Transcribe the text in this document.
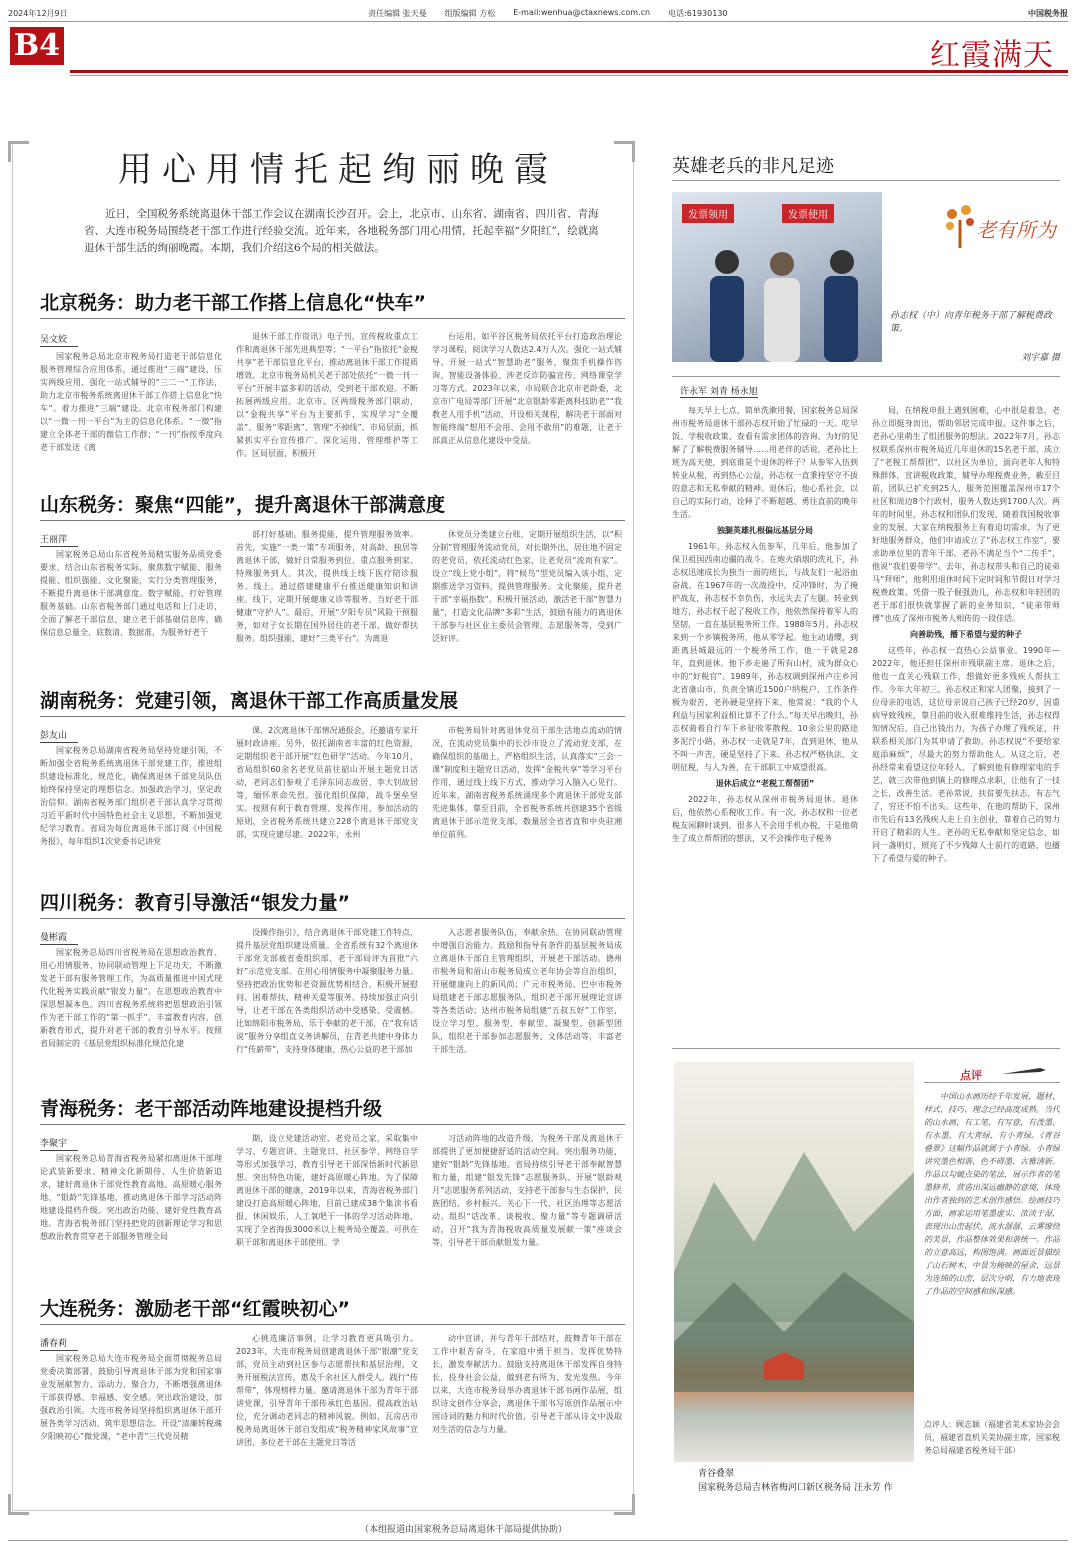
2024年12月9日	责任编辑 张天曼 组版编辑 方松 E-mail:wenhua@ctaxnews.com.cn 电话:61930130	中国税务报
B4	红霞满天
用心用情托起绚丽晚霞
近日，全国税务系统离退休干部工作会议在湖南长沙召开。会上，北京市、山东省、湖南省、四川省、青海省、大连市税务局围绕老干部工作进行经验交流。近年来，各地税务部门用心用情，托起幸福“夕阳红”，绘就离退休干部生活的绚丽晚霞。本期，我们介绍这6个局的相关做法。
北京税务：助力老干部工作搭上信息化“快车”
吴文姣

国家税务总局北京市税务局打造老干部信息化服务管理综合应用体系，通过推进“三端”建设、压实两级应用、强化一站式辅导的“三二一”工作法，助力北京市税务系统离退休干部工作搭上信息化“快车”。着力推进“三端”建设。北京市税务部门构建以“一微一刊一平台”为主的信息化体系。“一微”指建立全体老干部的微信工作群；“一刊”指按季度向老干部发送《离

退休干部工作资讯》电子刊，宣传税收重点工作和离退休干部先进典型等；“一平台”指依托“金税共享”老干部信息化平台，推动离退休干部工作提质增效。北京市税务局机关老干部处依托“一微一刊一平台”开展丰富多彩的活动，受到老干部欢迎。不断拓展两级应用。北京市、区两级税务部门联动，以“金税共享”平台为主要抓手，实现学习“全覆盖”、服务“零距离”、管理“不掉线”。市局层面，抓紧抓实平台宣传推广、深化运用、管理维护等工作。区局层面，积极开

台运用，如平谷区税务局依托平台打造政治理论学习课程，阅读学习人数达2.4万人次。强化一站式辅导。开展一站式“智慧助老”服务，聚焦手机操作咨询、智能设备体验、涉老反诈防骗宣传、网络课堂学习等方式。2023年以来，市局联合北京市老龄委，北京市广电局等部门开展“北京银龄零距离科技助老”“我教老人用手机”活动，开设相关课程，解决老干部面对智能终端“想用不会用、会用不敢用”的难题，让老干部真正从信息化建设中受益。

山东税务：聚焦“四能”，提升离退休干部满意度
王丽萍

国家税务总局山东省税务局精实服务品质党委要求，结合山东省税务实际，聚焦数字赋能、服务提能、组织强能、文化聚能，实行分类管理服务，不断提升离退休干部满意度。数字赋能，打好管理服务基础。山东省税务部门通过电话和上门走访，全面了解老干部信息，建立老干部基础信息库，确保信息总量全、底数清、数据准，为服务好老干

部打好基础。服务提能，提升管理服务效率。首先，实施“一类一策”专项服务，对高龄、独居等离退休干部，做好日常服务到位、重点服务到家、特殊服务到人。其次，提供线上线下医疗陪诊服务。线上，通过搭建健康平台推送健康知识和讲座。线下，定期开展健康义诊等服务，当好老干部健康“守护人”。最后，开展“夕阳专员”风险干预服务，如对子女长期在国外居住的老干部，做好帮扶服务。组织强能，建好“三类平台”。为离退

休党员分类建立台账，定期开展组织生活，以“积分制”管理服务流动党员，对长期外出、居住地不固定的老党员，依托流动红色家，让老党员“流而有家”。设立“线上党小组”，将“候鸟”型党员编入该小组，定期推送学习资料，提供管理服务。文化聚能，提升老干部“幸福指数”。积极开展活动，激活老干部“智慧力量”，打造文化品牌“多彩”生活，鼓励有能力的离退休干部参与社区业主委员会管理、志愿服务等，受到广泛好评。

湖南税务：党建引领，离退休干部工作高质量发展
彭友山

国家税务总局湖南省税务局坚持党建引领，不断加强全省税务系统离退休干部党建工作，推进组织建设标准化、规范化，确保离退休干部党员队伍始终保持坚定的理想信念。加强政治学习，坚定政治信仰。湖南省税务部门组织老干部认真学习贯彻习近平新时代中国特色社会主义思想，不断加强党纪学习教育。省局为每位离退休干部订阅《中国税务报》，每年组织1次党委书记讲党

课、2次离退休干部情况通报会，还邀请专家开展时政讲座。另外，依托湖南省丰富的红色资源，定期组织老干部开展“红色研学”活动。今年10月，省局组织60余名老党员前往韶山开展主题党日活动，老同志们参观了毛泽东同志故居、李大钊故居等，缅怀革命先烈。强化组织保障，战斗堡垒坚实。按照有利于教育管理、发挥作用、参加活动的原则，全省税务系统共建立228个离退休干部党支部，实现应建尽建。2022年，永州

市税务局针对离退休党员干部生活地点流动的情况，在流动党员集中的长沙市设立了流动党支部，在确保组织的基础上，严格组织生活，认真落实“三会一课”制度和主题党日活动，发挥“金税共享”等学习平台作用，通过线上线下方式，推动学习入脑入心见行。近年来，湖南省税务系统涌现多个离退休干部党支部先进集体，靠至目前，全省税务系统共创建35个省级离退休干部示范党支部，数量居全省省直和中央驻湘单位前列。

四川税务：教育引导激活“银发力量”
曼彬霞

国家税务总局四川省税务局在思想政治教育、用心用情服务、协同联动管理上下足功夫，不断激发老干部有服务管理工作，为高质量推进中国式现代化税务实践贡献“银发力量”。在思想政治教育中深思想凝本色。四川省税务系统将把思想政治引领作为老干部工作的“第一抓手”，丰富教育内容，创新教育形式，提升对老干部的教育引导水平。按照省局制定的《基层党组织标准化规范化建

设操作指引》，结合离退休干部党建工作特点，提升基层党组织建设质量。全省系统有32个离退休干部党支部被省委组织部、老干部局评为首批“六好”示范党支部。在用心用情服务中凝聚服务力量。坚持把政治优势和老资源优势相结合，积极开展慰问、困难帮扶、精神关爱等服务。持续加强正向引导，让老干部在各类组织活动中受感染、受震撼。比如绵阳市税务局、乐于奉献的老干部，在“我有话说”服务分享组直义务讲解员，在青老共建中身体力行“传薪带”，支持身体健康、热心公益的老干部加

入志愿者服务队伍，奉献余热。在协同联动管理中增强自治能力。鼓励和指导有条件的基层税务局成立离退休干部自主管理组织，开展老干部活动。德州市税务局和眉山市税务局成立老年协会等自治组织，开展健康向上的新风尚；广元市税务局、巴中市税务局组建老干部志愿服务队，组织老干部开展理论宣讲等各类活动；达州市税务局组建“五叔五好”工作室，设立学习型、服务型、奉献型、凝聚型、创新型团队，组织老干部参加志愿服务、文体活动等，丰富老干部生活。

青海税务：老干部活动阵地建设提档升级
李聚宇

国家税务总局青海省税务局紧扣离退休干部理论武装新要求、精神文化新期待、人生价值新追求，建好离退休干部党性教育高地、高原暖心服务地、“银龄”先锋基地，推动离退休干部学习活动阵地建设提档升级。突出政治功能，建好党性教育高地。青海省税务部门坚持把党的创新理论学习和思想政治教育贯穿老干部服务管理全局

期，设立党建活动室、老党员之家，采取集中学习、专题宣讲、主题党日、社区参学、网络自学等形式加强学习，教育引导老干部深悟新时代新思想。突出特色功能，建好高原暖心阵地。为了保障离退休干部的健康，2019年以来，青海省税务部门建设打造高原暖心阵地，目前已建成38个集读书看报、休闲娱乐、人工氧吧于一体的学习活动阵地，实现了全省海拔3000米以上税务局全覆盖，可供在职干部和离退休干部使用。学

习活动阵地的改造升级，为税务干部及离退休干部提供了更加便捷舒适的活动空间。突出服务功能，建好“银龄”先锋基地。省局持续引导老干部奉献智慧和力量，组建“银发先锋”志愿服务队、开展“银龄观月”志愿服务系列活动，支持老干部参与生态保护、民族团结、乡村振兴、关心下一代、社区治理等志愿活动。组织“话改革、谈税收、聚力量”等专题调研活动，召开“我为青海税收高质量发展献一策”座谈会等，引导老干部贡献银发力量。

大连税务：激励老干部“红霞映初心”
潘春莉

国家税务总局大连市税务局全面贯彻税务总局党委决策部署，鼓励引导离退休干部为党和国家事业发展献智力、添动力、聚合力，不断增强离退休干部获得感、幸福感、安全感。突出政治建设，加强政治引领。大连市税务局坚持组织离退休干部开展各类学习活动，筑牢思想信念。开设“清廉转税魂 夕阳映初心”微党课，“老中青”三代党员精

心挑选廉洁事例，让学习教育更具吸引力。2023年，大连市税务局创建离退休干部“银潮”党支部，党员主动到社区参与志愿帮扶和基层治理，义务开展税法宣传，惠及千余社区人群受人。践行“传帮带”，体现榜样力量。邀请离退休干部为青年干部讲党课，引导青年干部传承红色基因。提高政治站位，充分调动老同志的精神风貌。例如，瓦房店市税务局离退休干部自发组成“税务精神家风故事”宣讲团，多位老干部在主题党日等活

动中宣讲，并与青年干部结对，鼓舞青年干部在工作中艰苦奋斗，在家庭中勇于担当。发挥优势特长，激发奉献活力。鼓励支持离退休干部发挥自身特长，投身社会公益，做到老有所为、发光发热。今年以来，大连市税务局举办离退休干部书画作品展，组织诗文创作分享会，离退休干部书写原创作品展示中国诗词的魅力和时代价值，引导老干部从诗文中汲取对生活的信念与力量。

（本组报道由国家税务总局离退休干部局提供协助）
英雄老兵的非凡足迹
发票领用	发票使用
老有所为
孙志权（中）向青年税务干部了解税费政策。
刘宇嘉 摄
许永军 刘青 杨永旭

每天早上七点，简单洗漱用餐，国家税务总局深州市税务局退休干部孙志权开始了忙碌的一天。吃早饭、学税收政策、查看有需求团体的咨询、为好的见解了了解税费服务辅导……用老伴的话说，老孙比上班为高天使，到底谁是个退休的样子？从参军入伍到转业从税，再到热心公益，孙志权一直秉持坚守不拔的意志和无私奉献的精神。退休后，他心系社会，以自己的实际行动，诠释了不断超越、勇往直前的晚年生活。

独腿英雄扎根偏远基层分局

1961年，孙志权入伍参军，几年后，他参加了保卫祖国西南边疆的战斗。在炮火硝烟的洗礼下，孙志权迅速成长为独当一面的班长，与战友们一起浴血奋战。在1967年的一次战役中，反冲锋时，为了掩护战友，孙志权不幸负伤，永远失去了左腿。转业到地方，孙志权干起了税收工作，他依然保持着军人的坚韧，一直在基层税务所工作。1988年5月，孙志权来到一个乡镇税务所，他从零学起。他主动请缨，到距离县城最远的一个税务所工作，他一干就是28年，直到退休。他下乡走遍了所有山村，成为群众心中的“好税官”。1989年，孙志权调到深州卢庄乡河北省康山市，负责全镇近1500户纳税户，工作条件极为艰苦，老孙硬是坚持下来，他常说：“我的个人利益与国家利益相比算不了什么。”每天早出晚归，孙志权骑着自行车下乡征收零散税。10余公里的路途多泥泞小路，孙志权一走就是7年，直到退休，他从不叫一声苦，硬是坚持了下来。孙志权严格执法、文明征税，与人为善，在干部职工中威望很高。

退休后成立“老税工帮帮团”

2022年，孙志权从深州市税务局退休。退休后，他依然心系税收工作。有一次，孙志权和一位老税友闲聊时谈到，很多人不会用手机办税，于是他萌生了成立帮帮团的想法，又不会操作电子税务

局，在纳税申报上遇到困难，心中很是着急，老孙立即挺身而出，帮助邻居完成申报。这件事之后，老孙心里萌生了组团服务的想法。2022年7月，孙志权联系深州市税务局近几年退休的15名老干部，成立了“老税工帮帮团”，以社区为单位，面向老年人和特殊群体，宣讲税收政策，辅导办理税费业务，截至目前，团队已扩充到25人，服务范围覆盖深州市17个社区和周边8个行政村，服务人数达到1700人次。两年的时间里，孙志权和团队们发现，随着我国税收事业的发展，大家在纳税服务上有着迫切需求，为了更好地服务群众，他们申请成立了“孙志权工作室”，要求助单位里的青年干部。老孙不满足当个“二传手”，他说“我们要带学”。去年，孙志权带头和自己的徒弟马“拜师”，他利用退休时间下定时间和节假日对学习税费政策。凭借一股子倔强劲儿，孙志权和年轻团的老干部们很快就掌握了新的业务知识，“徒弟带师傅”也成了深州市税务人相传的一段佳话。

向善助残，播下希望与爱的种子

这些年，孙志权一直热心公益事业。1990年—2022年，他还担任深州市残联副主席。退休之后，他也一直关心残联工作，想做好更多残疾人帮扶工作。今年大年初三，孙志权正和家人团聚，接到了一位母亲的电话，这位母亲说自己孩子已经20岁，因重病导致残疾，靠目前的收入很难维持生活，孙志权得知情况后，自己出钱出力，为孩子办理了残疾证，并联系相关部门为其申请了救助。孙志权说“不要给家庭添麻烦”，尽最大的努力帮助他人。从这之后，老孙经常来看望这位年轻人，了解到他有修理家电的手艺，就三次带他到镇上的修理点求职，让他有了一技之长，改善生活。老孙常说，扶贫要先扶志，有志气了，穷还不怕不出头。这些年，在他的帮助下，深州市先后有13名残疾人走上自主创业，靠着自己的努力开启了精彩的人生。老孙的无私奉献和坚定信念，如同一盏明灯，照亮了不少残障人士前行的道路，也播下了希望与爱的种子。

青谷叠翠
国家税务总局吉林省梅河口新区税务局 汪永芳 作
点评

中国山水画历经千年发展，题材、样式、技巧、理念已经高度成熟。当代的山水画，有工笔、有写意，有泼墨、有水墨，有大青绿、有小青绿。《青谷叠翠》这幅作品就属于小青绿。小青绿讲究墨色相谐、色不碍墨、古雅清新。作品以勾皴点染的笔法，展示作者的笔墨修养，营造出深远幽静的意境，体现出作者独到的艺术创作感悟。绘画技巧方面，画家运用笔墨虚实、浓淡干湿，表现出山峦起伏、流水潺潺、云雾缭绕的美景，作品整体效果和谐统一。作品的立意高远，构图饱满。画面近景描绘了山石树木，中景为掩映的屋舍，远景为连绵的山峦，层次分明，有力地表现了作品的空间感和纵深感。

点评人：顾志颖（福建省美术家协会会员，福建省直机关美协副主席，国家税务总局福建省税务局干部）
